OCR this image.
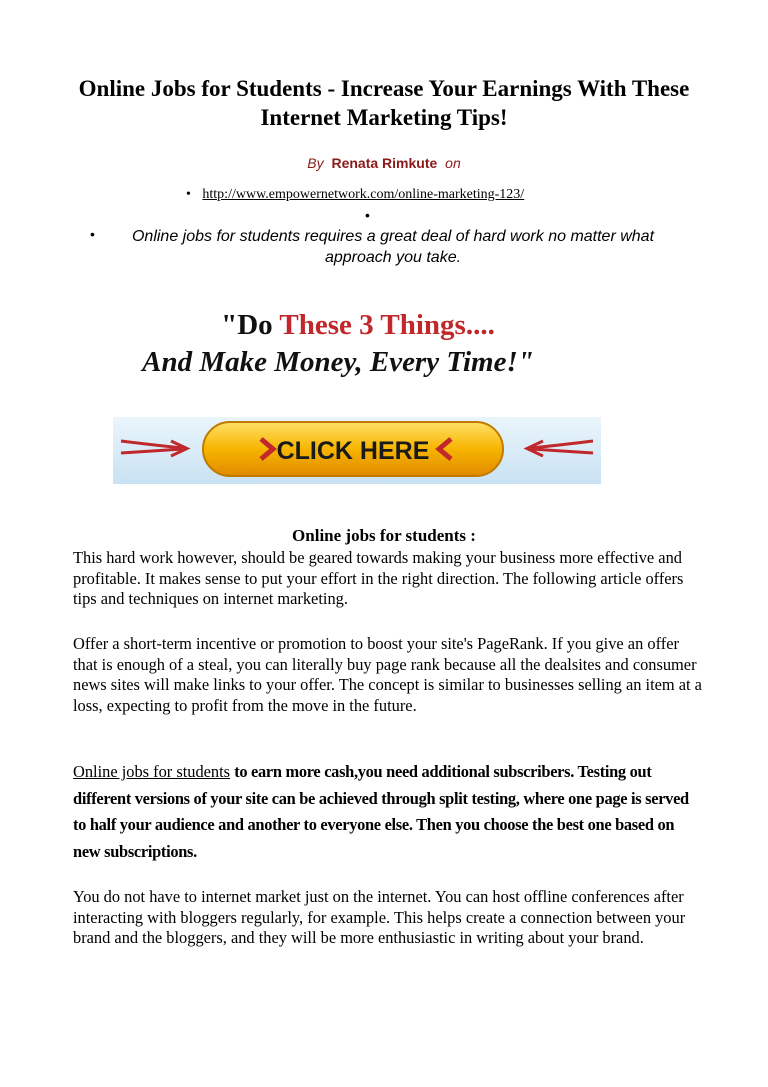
Online Jobs for Students - Increase Your Earnings With These Internet Marketing Tips!
By Renata Rimkute on
• http://www.empowernetwork.com/online-marketing-123/
•
•	Online jobs for students requires a great deal of hard work no matter what approach you take.
"Do These 3 Things....
And Make Money, Every Time!"
CLICK HERE
Online jobs for students :
This hard work however, should be geared towards making your business more effective and profitable. It makes sense to put your effort in the right direction. The following article offers tips and techniques on internet marketing.
Offer a short-term incentive or promotion to boost your site's PageRank. If you give an offer that is enough of a steal, you can literally buy page rank because all the dealsites and consumer news sites will make links to your offer. The concept is similar to businesses selling an item at a loss, expecting to profit from the move in the future.
Online jobs for students to earn more cash,you need additional subscribers. Testing out different versions of your site can be achieved through split testing, where one page is served to half your audience and another to everyone else. Then you choose the best one based on new subscriptions.
You do not have to internet market just on the internet. You can host offline conferences after interacting with bloggers regularly, for example. This helps create a connection between your brand and the bloggers, and they will be more enthusiastic in writing about your brand.
